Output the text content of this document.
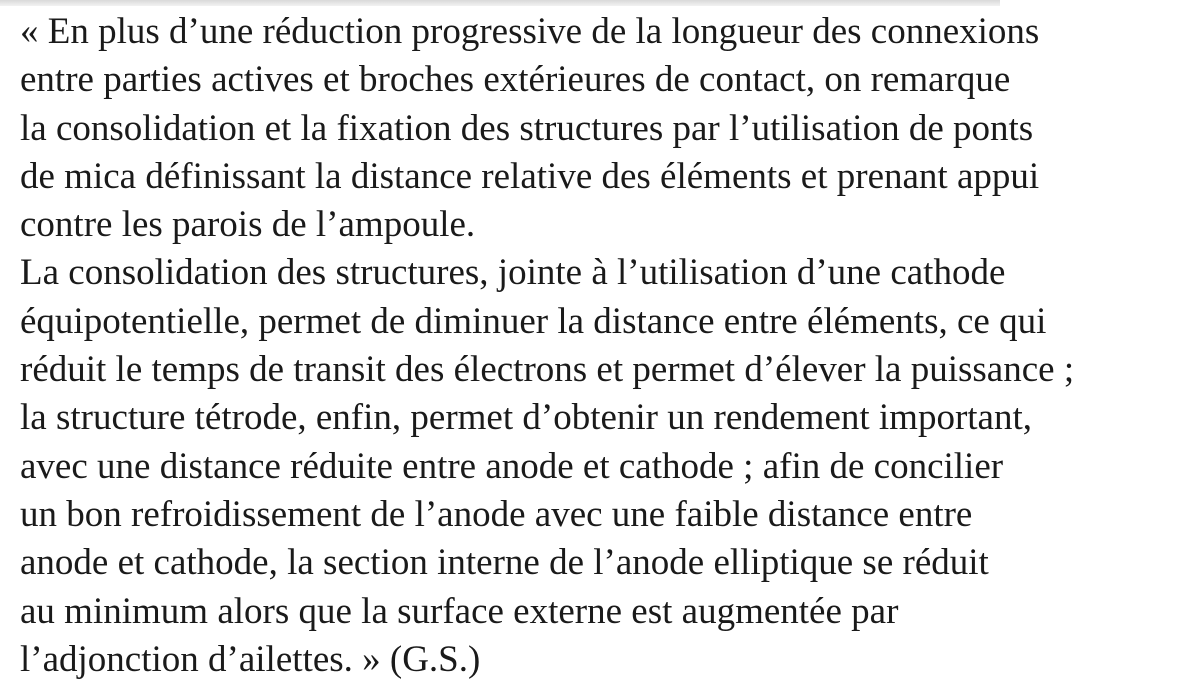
« En plus d’une réduction progressive de la longueur des connexions
entre parties actives et broches extérieures de contact, on remarque
la consolidation et la fixation des structures par l’utilisation de ponts
de mica définissant la distance relative des éléments et prenant appui
contre les parois de l’ampoule.
La consolidation des structures, jointe à l’utilisation d’une cathode
équipotentielle, permet de diminuer la distance entre éléments, ce qui
réduit le temps de transit des électrons et permet d’élever la puissance ;
la structure tétrode, enfin, permet d’obtenir un rendement important,
avec une distance réduite entre anode et cathode ; afin de concilier
un bon refroidissement de l’anode avec une faible distance entre
anode et cathode, la section interne de l’anode elliptique se réduit
au minimum alors que la surface externe est augmentée par
l’adjonction d’ailettes. » (G.S.)
